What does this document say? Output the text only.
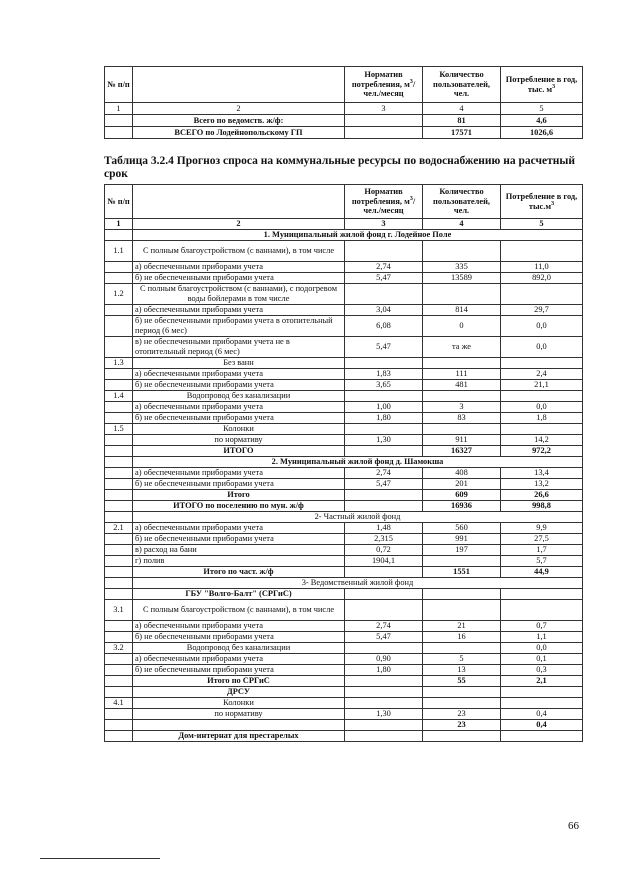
№ п/п		Норматив потребления, $м^3/чел$./месяц	Количество пользователей, чел.	Потребление в год, тыс. $м^3$
1	2	3	4	5
	Всего по ведомств. ж/ф:		81	4,6
	ВСЕГО по Лодейнопольскому ГП		17571	1026,6
Таблица 3.2.4 Прогноз спроса на коммунальные ресурсы по водоснабжению на расчетный срок
№ п/п		Норматив потребления, $м^3/чел$./месяц	Количество пользователей, чел.	Потребление в год, $тыс.м^3$
1	2	3	4	5
	1. Муниципальный жилой фонд г. Лодейное Поле			
1.1	С полным благоустройством (с ваннами), в том числе			
	а) обеспеченными приборами учета	2,74	335	11,0
	б) не обеспеченными приборами учета	5,47	13589	892,0
1.2	С полным благоустройством (с ваннами), с подогревом воды бойлерами в том числе			
	а) обеспеченными приборами учета	3,04	814	29,7
	б) не обеспеченными приборами учета в отопительный период (6 мес)	6,08	0	0,0
	в) не обеспеченными приборами учета не в отопительный период (6 мес)	5,47	та же	0,0
1.3	Без ванн			
	а) обеспеченными приборами учета	1,83	111	2,4
	б) не обеспеченными приборами учета	3,65	481	21,1
1.4	Водопровод без канализации			
	а) обеспеченными приборами учета	1,00	3	0,0
	б) не обеспеченными приборами учета	1,80	83	1,8
1.5	Колонки			
	по нормативу	1,30	911	14,2
	ИТОГО		16327	972,2
	2. Муниципальный жилой фонд д. Шамокша			
	а) обеспеченными приборами учета	2,74	408	13,4
	б) не обеспеченными приборами учета	5,47	201	13,2
	Итого		609	26,6
	ИТОГО по поселению по мун. ж/ф		16936	998,8
	2- Частный жилой фонд			
2.1	а) обеспеченными приборами учета	1,48	560	9,9
	б) не обеспеченными приборами учета	2,315	991	27,5
	в) расход на бани	0,72	197	1,7
	г) полив	1904,1		5,7
	Итого по част. ж/ф		1551	44,9
	3- Ведомственный жилой фонд			
	ГБУ "Волго-Балт" (СРГиС)			
3.1	С полным благоустройством (с ваннами), в том числе			
	а) обеспеченными приборами учета	2,74	21	0,7
	б) не обеспеченными приборами учета	5,47	16	1,1
3.2	Водопровод без канализации			0,0
	а) обеспеченными приборами учета	0,90	5	0,1
	б) не обеспеченными приборами учета	1,80	13	0,3
	Итого по СРГиС		55	2,1
	ДРСУ			
4.1	Колонки			
	по нормативу	1,30	23	0,4
			23	0,4
	Дом-интернат для престарелых			
66
